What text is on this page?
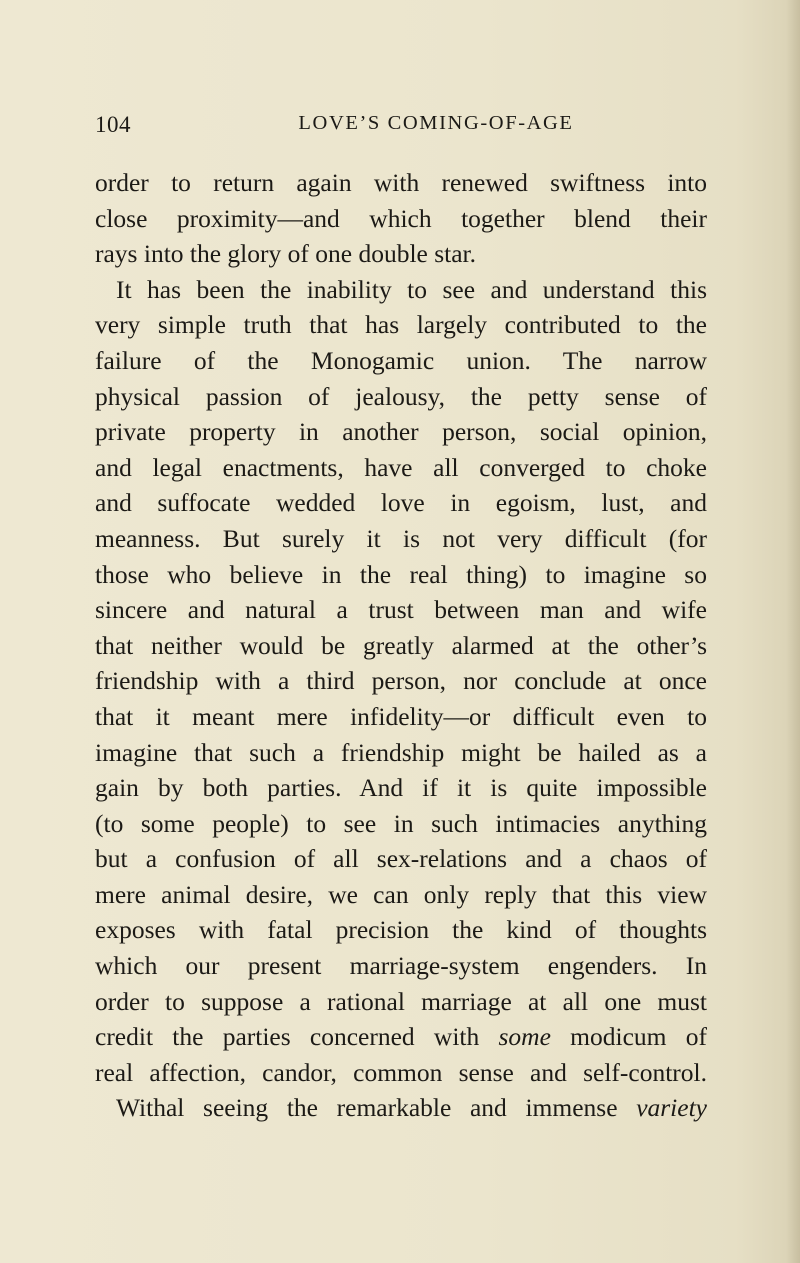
104	LOVE’S COMING-OF-AGE
order to return again with renewed swiftness into
close proximity—and which together blend their
rays into the glory of one double star.
It has been the inability to see and understand this
very simple truth that has largely contributed to the
failure of the Monogamic union. The narrow
physical passion of jealousy, the petty sense of
private property in another person, social opinion,
and legal enactments, have all converged to choke
and suffocate wedded love in egoism, lust, and
meanness. But surely it is not very difficult (for
those who believe in the real thing) to imagine so
sincere and natural a trust between man and wife
that neither would be greatly alarmed at the other’s
friendship with a third person, nor conclude at once
that it meant mere infidelity—or difficult even to
imagine that such a friendship might be hailed as a
gain by both parties. And if it is quite impossible
(to some people) to see in such intimacies anything
but a confusion of all sex-relations and a chaos of
mere animal desire, we can only reply that this view
exposes with fatal precision the kind of thoughts
which our present marriage-system engenders. In
order to suppose a rational marriage at all one must
credit the parties concerned with some modicum of
real affection, candor, common sense and self-control.
Withal seeing the remarkable and immense variety
